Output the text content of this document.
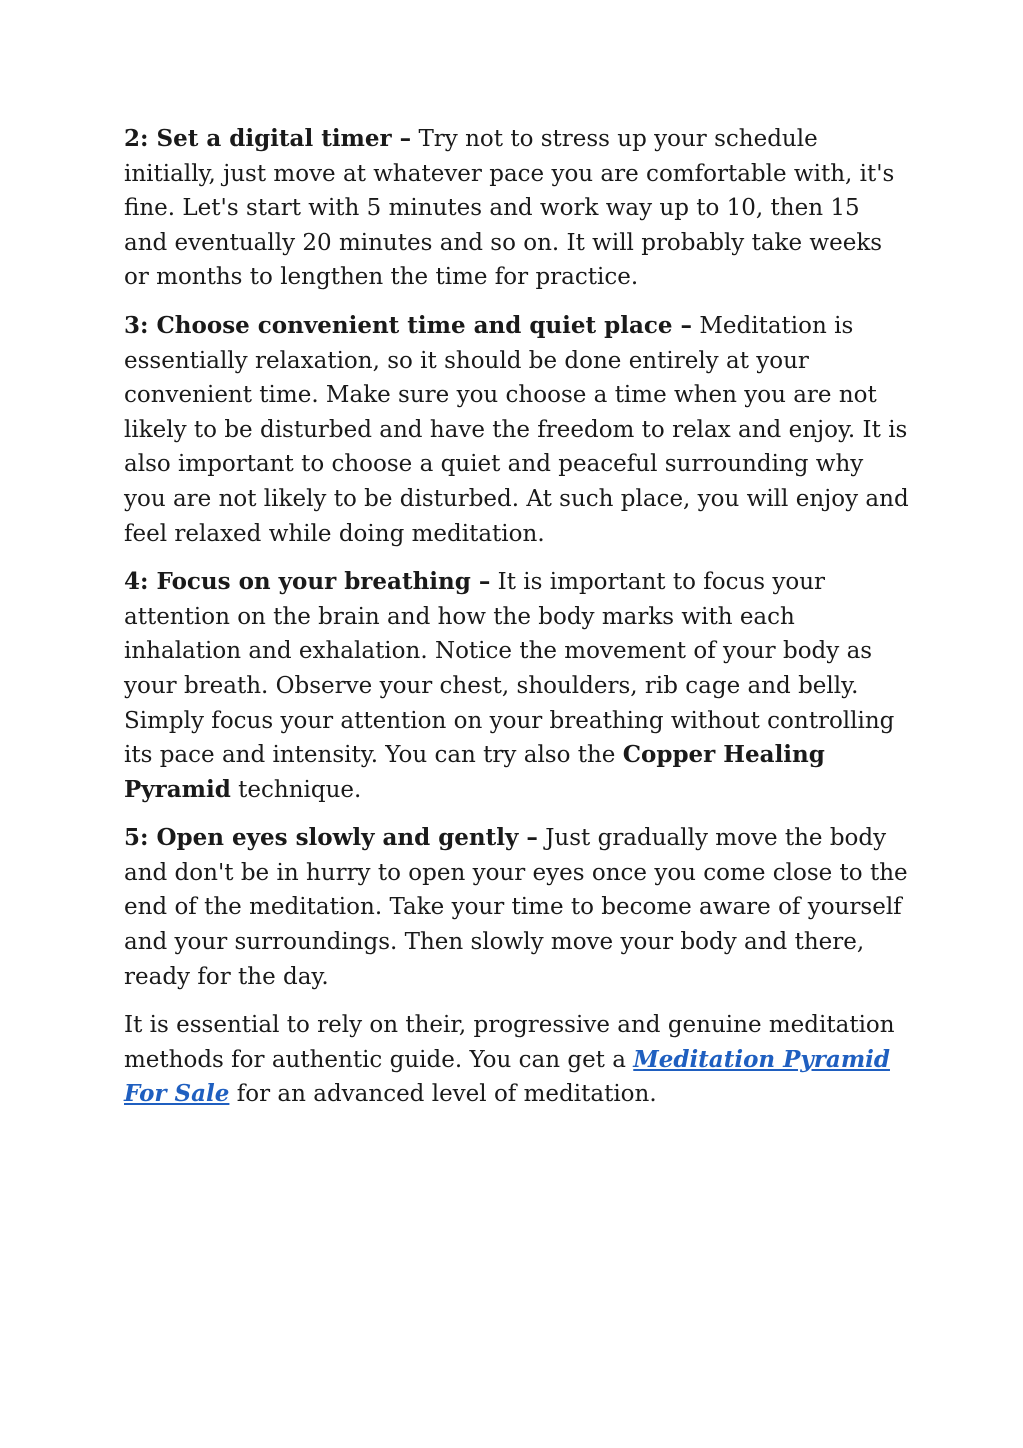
2: Set a digital timer – Try not to stress up your schedule initially, just move at whatever pace you are comfortable with, it's fine. Let's start with 5 minutes and work way up to 10, then 15 and eventually 20 minutes and so on. It will probably take weeks or months to lengthen the time for practice.

3: Choose convenient time and quiet place – Meditation is essentially relaxation, so it should be done entirely at your convenient time. Make sure you choose a time when you are not likely to be disturbed and have the freedom to relax and enjoy. It is also important to choose a quiet and peaceful surrounding why you are not likely to be disturbed. At such place, you will enjoy and feel relaxed while doing meditation.

4: Focus on your breathing – It is important to focus your attention on the brain and how the body marks with each inhalation and exhalation. Notice the movement of your body as your breath. Observe your chest, shoulders, rib cage and belly. Simply focus your attention on your breathing without controlling its pace and intensity. You can try also the Copper Healing Pyramid technique.

5: Open eyes slowly and gently – Just gradually move the body and don't be in hurry to open your eyes once you come close to the end of the meditation. Take your time to become aware of yourself and your surroundings. Then slowly move your body and there, ready for the day.

It is essential to rely on their, progressive and genuine meditation methods for authentic guide. You can get a Meditation Pyramid For Sale for an advanced level of meditation.
